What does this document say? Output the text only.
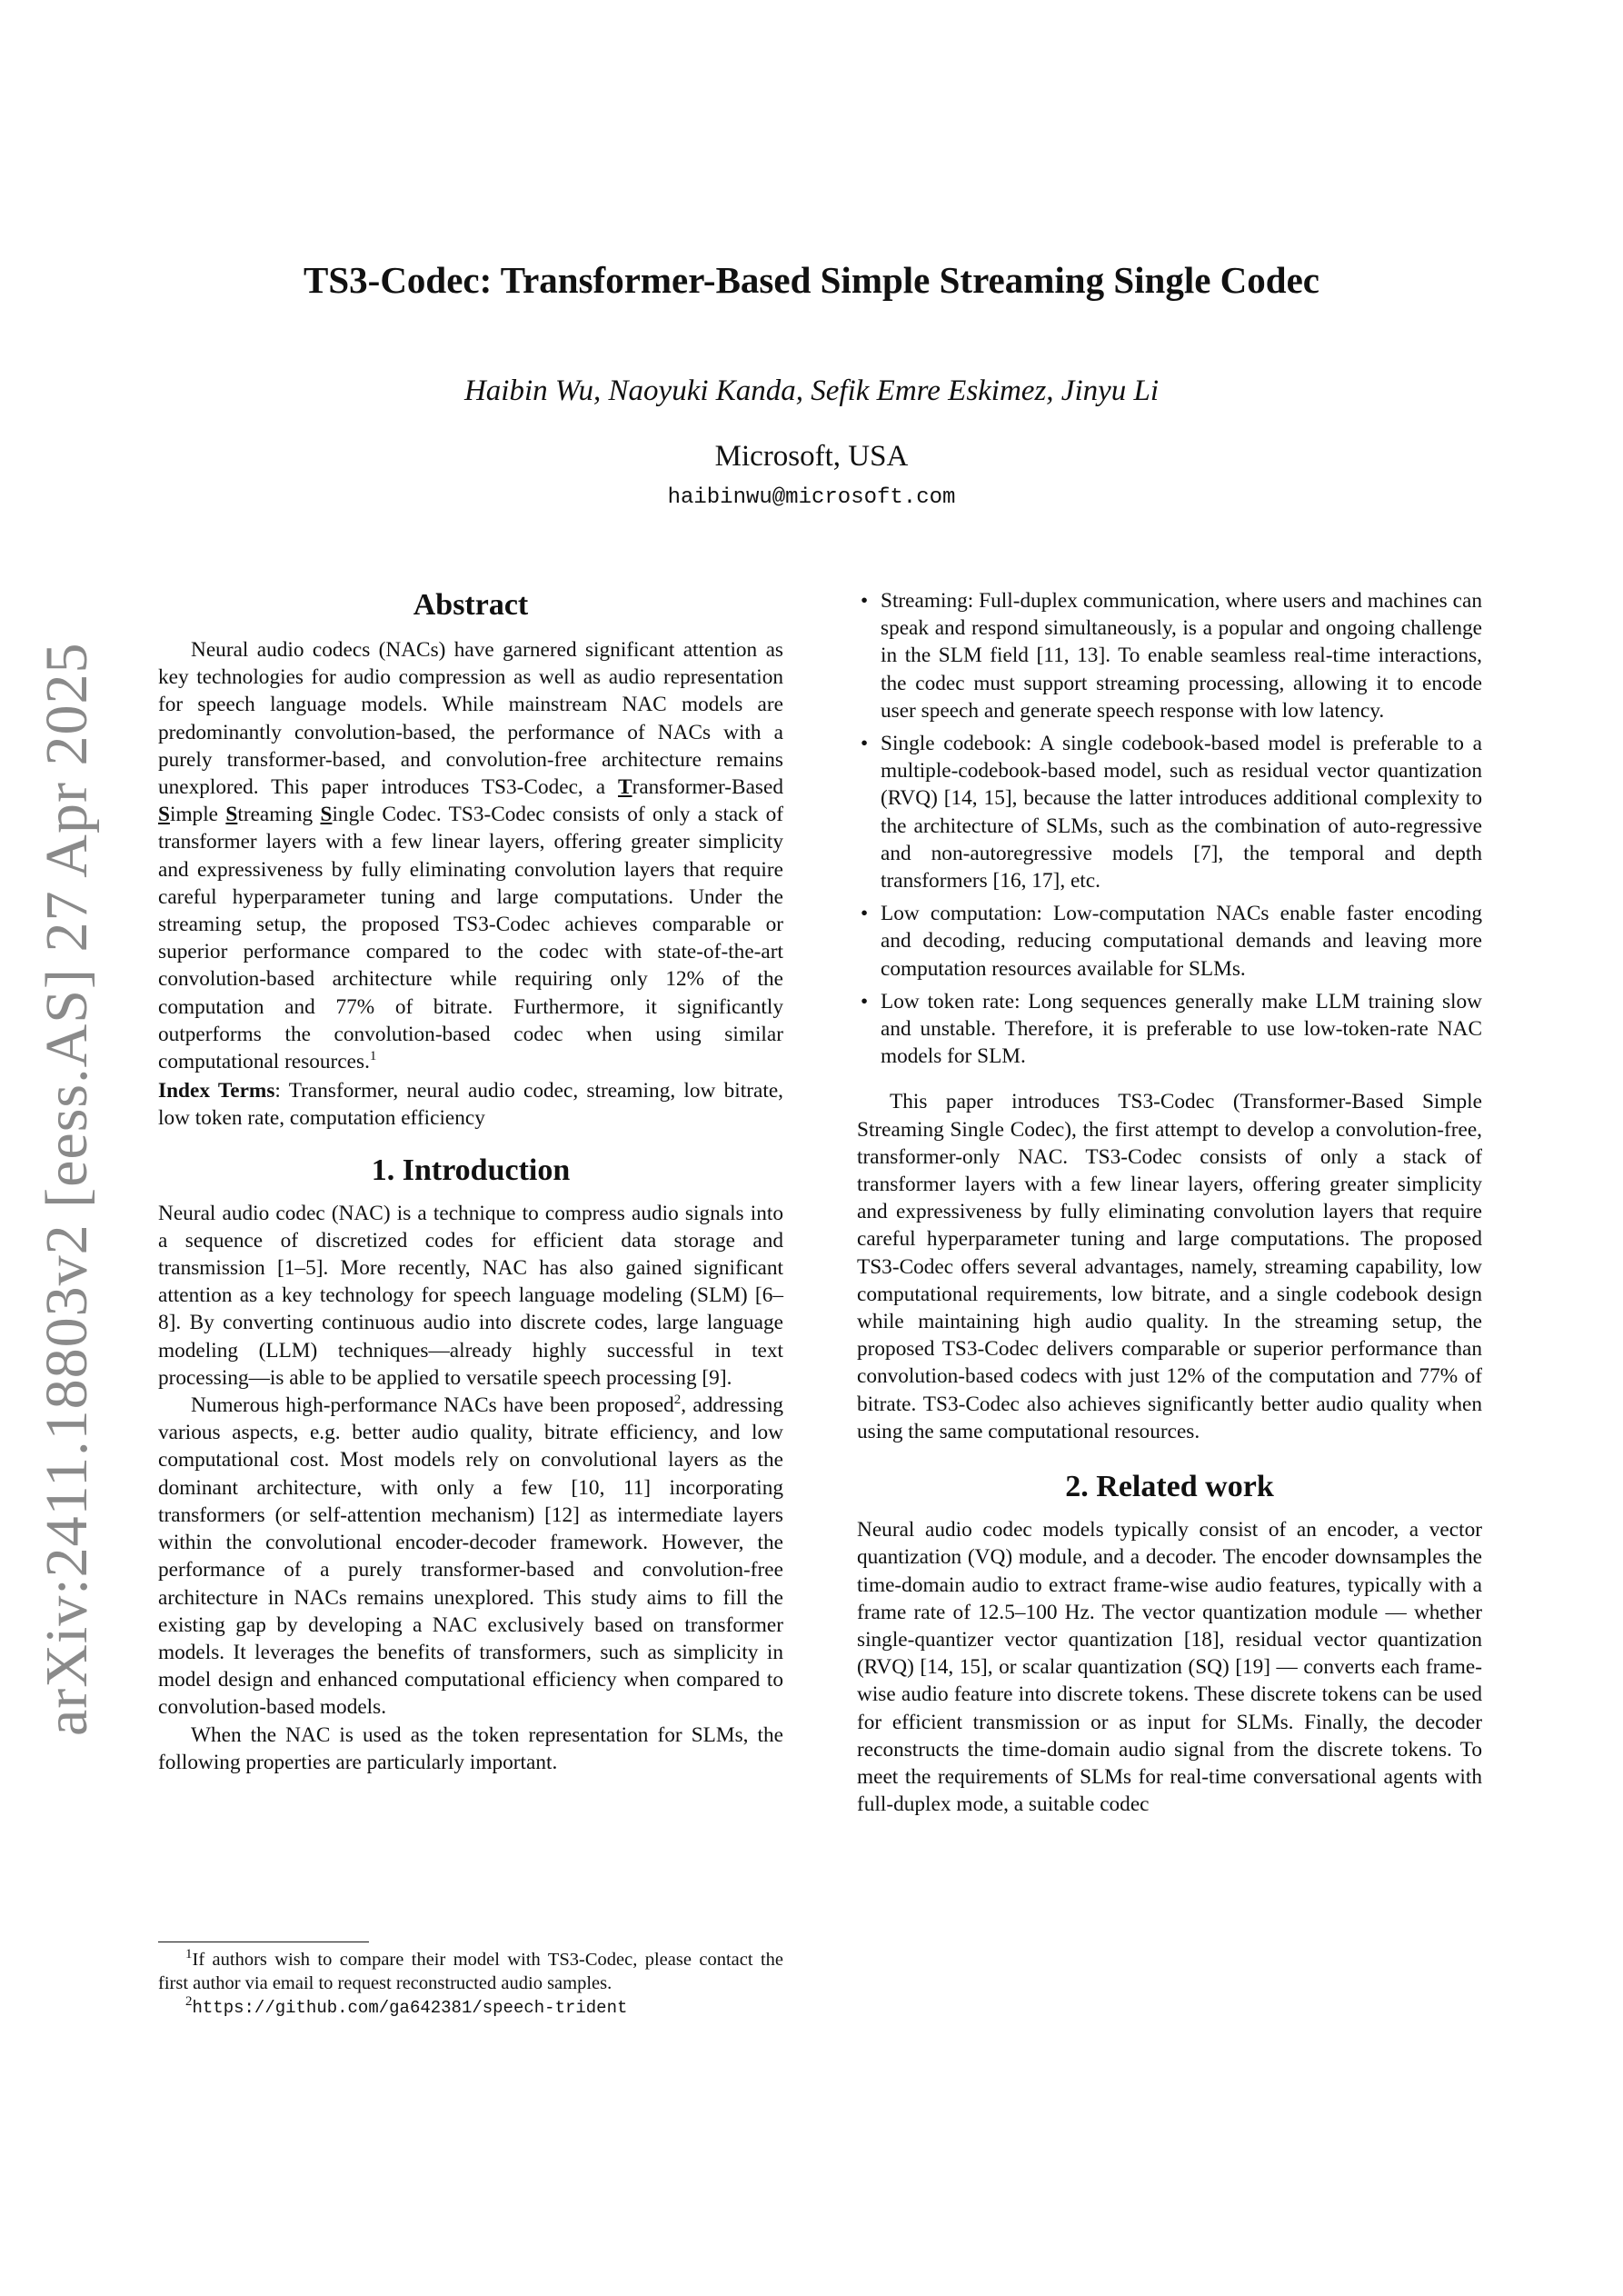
arXiv:2411.18803v2 [eess.AS] 27 Apr 2025
TS3-Codec: Transformer-Based Simple Streaming Single Codec
Haibin Wu, Naoyuki Kanda, Sefik Emre Eskimez, Jinyu Li
Microsoft, USA
haibinwu@microsoft.com
Abstract

Neural audio codecs (NACs) have garnered significant attention as key technologies for audio compression as well as audio representation for speech language models. While mainstream NAC models are predominantly convolution-based, the performance of NACs with a purely transformer-based, and convolution-free architecture remains unexplored. This paper introduces TS3-Codec, a Transformer-Based Simple Streaming Single Codec. TS3-Codec consists of only a stack of transformer layers with a few linear layers, offering greater simplicity and expressiveness by fully eliminating convolution layers that require careful hyperparameter tuning and large computations. Under the streaming setup, the proposed TS3-Codec achieves comparable or superior performance compared to the codec with state-of-the-art convolution-based architecture while requiring only 12% of the computation and 77% of bitrate. Furthermore, it significantly outperforms the convolution-based codec when using similar computational resources.$^1$

Index Terms: Transformer, neural audio codec, streaming, low bitrate, low token rate, computation efficiency

1. Introduction

Neural audio codec (NAC) is a technique to compress audio signals into a sequence of discretized codes for efficient data storage and transmission [1–5]. More recently, NAC has also gained significant attention as a key technology for speech language modeling (SLM) [6–8]. By converting continuous audio into discrete codes, large language modeling (LLM) techniques—already highly successful in text processing—is able to be applied to versatile speech processing [9].

Numerous high-performance NACs have been proposed$^2$, addressing various aspects, e.g. better audio quality, bitrate efficiency, and low computational cost. Most models rely on convolutional layers as the dominant architecture, with only a few [10, 11] incorporating transformers (or self-attention mechanism) [12] as intermediate layers within the convolutional encoder-decoder framework. However, the performance of a purely transformer-based and convolution-free architecture in NACs remains unexplored. This study aims to fill the existing gap by developing a NAC exclusively based on transformer models. It leverages the benefits of transformers, such as simplicity in model design and enhanced computational efficiency when compared to convolution-based models.

When the NAC is used as the token representation for SLMs, the following properties are particularly important.

$^1$If authors wish to compare their model with TS3-Codec, please contact the first author via email to request reconstructed audio samples.

$^2$https://github.com/ga642381/speech-trident

• Streaming: Full-duplex communication, where users and machines can speak and respond simultaneously, is a popular and ongoing challenge in the SLM field [11, 13]. To enable seamless real-time interactions, the codec must support streaming processing, allowing it to encode user speech and generate speech response with low latency.
• Single codebook: A single codebook-based model is preferable to a multiple-codebook-based model, such as residual vector quantization (RVQ) [14, 15], because the latter introduces additional complexity to the architecture of SLMs, such as the combination of auto-regressive and non-autoregressive models [7], the temporal and depth transformers [16, 17], etc.
• Low computation: Low-computation NACs enable faster encoding and decoding, reducing computational demands and leaving more computation resources available for SLMs.
• Low token rate: Long sequences generally make LLM training slow and unstable. Therefore, it is preferable to use low-token-rate NAC models for SLM.

This paper introduces TS3-Codec (Transformer-Based Simple Streaming Single Codec), the first attempt to develop a convolution-free, transformer-only NAC. TS3-Codec consists of only a stack of transformer layers with a few linear layers, offering greater simplicity and expressiveness by fully eliminating convolution layers that require careful hyperparameter tuning and large computations. The proposed TS3-Codec offers several advantages, namely, streaming capability, low computational requirements, low bitrate, and a single codebook design while maintaining high audio quality. In the streaming setup, the proposed TS3-Codec delivers comparable or superior performance than convolution-based codecs with just 12% of the computation and 77% of bitrate. TS3-Codec also achieves significantly better audio quality when using the same computational resources.

2. Related work

Neural audio codec models typically consist of an encoder, a vector quantization (VQ) module, and a decoder. The encoder downsamples the time-domain audio to extract frame-wise audio features, typically with a frame rate of 12.5–100 Hz. The vector quantization module — whether single-quantizer vector quantization [18], residual vector quantization (RVQ) [14, 15], or scalar quantization (SQ) [19] — converts each frame-wise audio feature into discrete tokens. These discrete tokens can be used for efficient transmission or as input for SLMs. Finally, the decoder reconstructs the time-domain audio signal from the discrete tokens. To meet the requirements of SLMs for real-time conversational agents with full-duplex mode, a suitable codec
